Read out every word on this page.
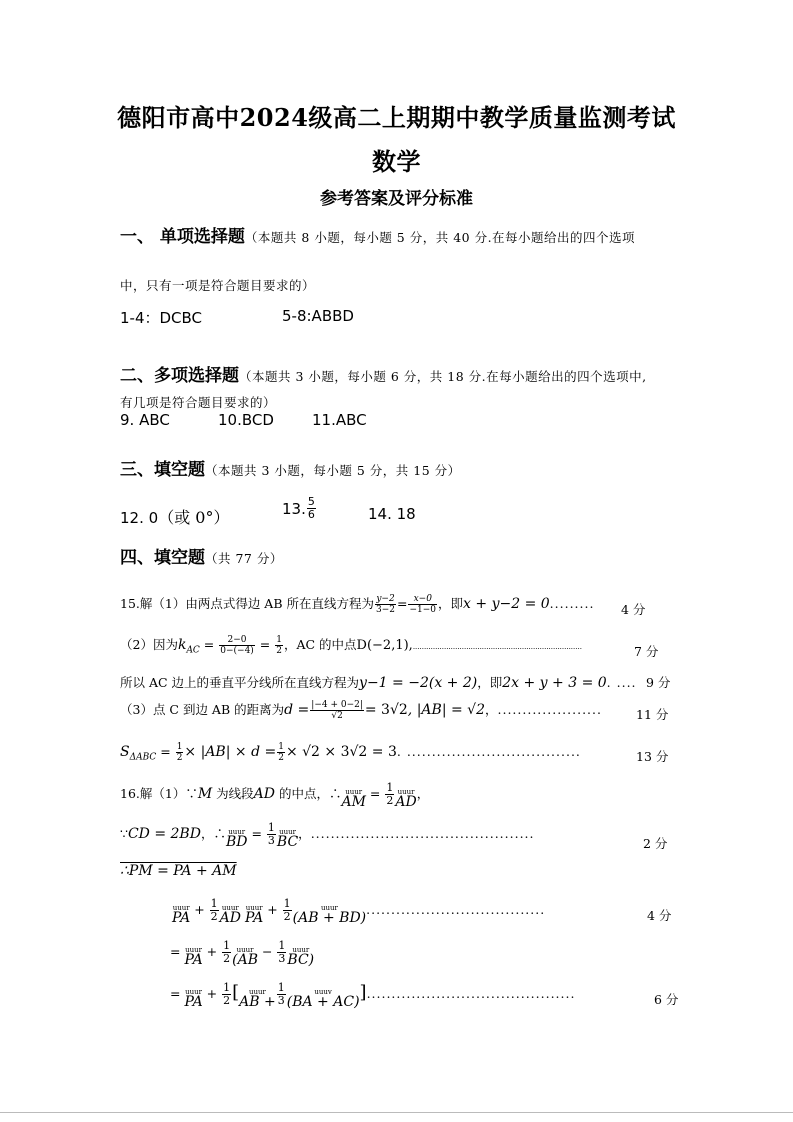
德阳市高中2024级高二上期期中教学质量监测考试
数学
参考答案及评分标准
一、 单项选择题（本题共 8 小题，每小题 5 分，共 40 分.在每小题给出的四个选项
中，只有一项是符合题目要求的）
1-4：DCBC	5-8:ABBD
二、多项选择题（本题共 3 小题，每小题 6 分，共 18 分.在每小题给出的四个选项中,
有几项是符合题目要求的）
9. ABC	10.BCD	11.ABC
三、填空题（本题共 3 小题，每小题 5 分，共 15 分）
12. 0（或 0°）	13. $\frac{5}{6}$	14. 18
四、填空题（共 77 分）
15.解（1）由两点式得边 AB 所在直线方程为 $\frac{y-2}{3-2} = \frac{x-0}{-1-0}$ ，即x + y−2 = 0......... 4 分
（2）因为$k_{AC} = \frac{2-0}{0-(-4)} = \frac{1}{2}$ ，AC 的中点D(−2,1),............................................................................	7 分
所以 AC 边上的垂直平分线所在直线方程为y−1 = −2(x + 2)，即2x + y + 3 = 0. .... 9 分
（3）点 C 到边 AB 的距离为$d = \frac{|-4 + 0-2|}{√2} = 3√2$, |AB| = √2，.....................	11 分
$S_{\Delta ABC} = \frac{1}{2} \times |AB| \times d = \frac{1}{2} \times √2 \times 3√2 = 3$. ...................................	13 分
16.解（1）∵M 为线段AD 的中点，∴ uuur
AM = $\frac{1}{2}$ uuur
AD，
∵CD = 2BD，∴ uuur
BD = $\frac{1}{3}$ uuur
BC，.............................................
2 分
∴PM = PA + AM
uuur
PA + $\frac{1}{2}$ uuur
AD
uuur
PA + $\frac{1}{2}$	uuur
(AB + BD)....................................	4 分
= uuur
PA + $\frac{1}{2}$ uuur
($AB - \frac{1}{3}$ uuur
BC)
= uuur
PA + $\frac{1}{2}$ [	uuur
AB + $\frac{1}{3}$	uuuv
(BA + AC)]..........................................	6 分
